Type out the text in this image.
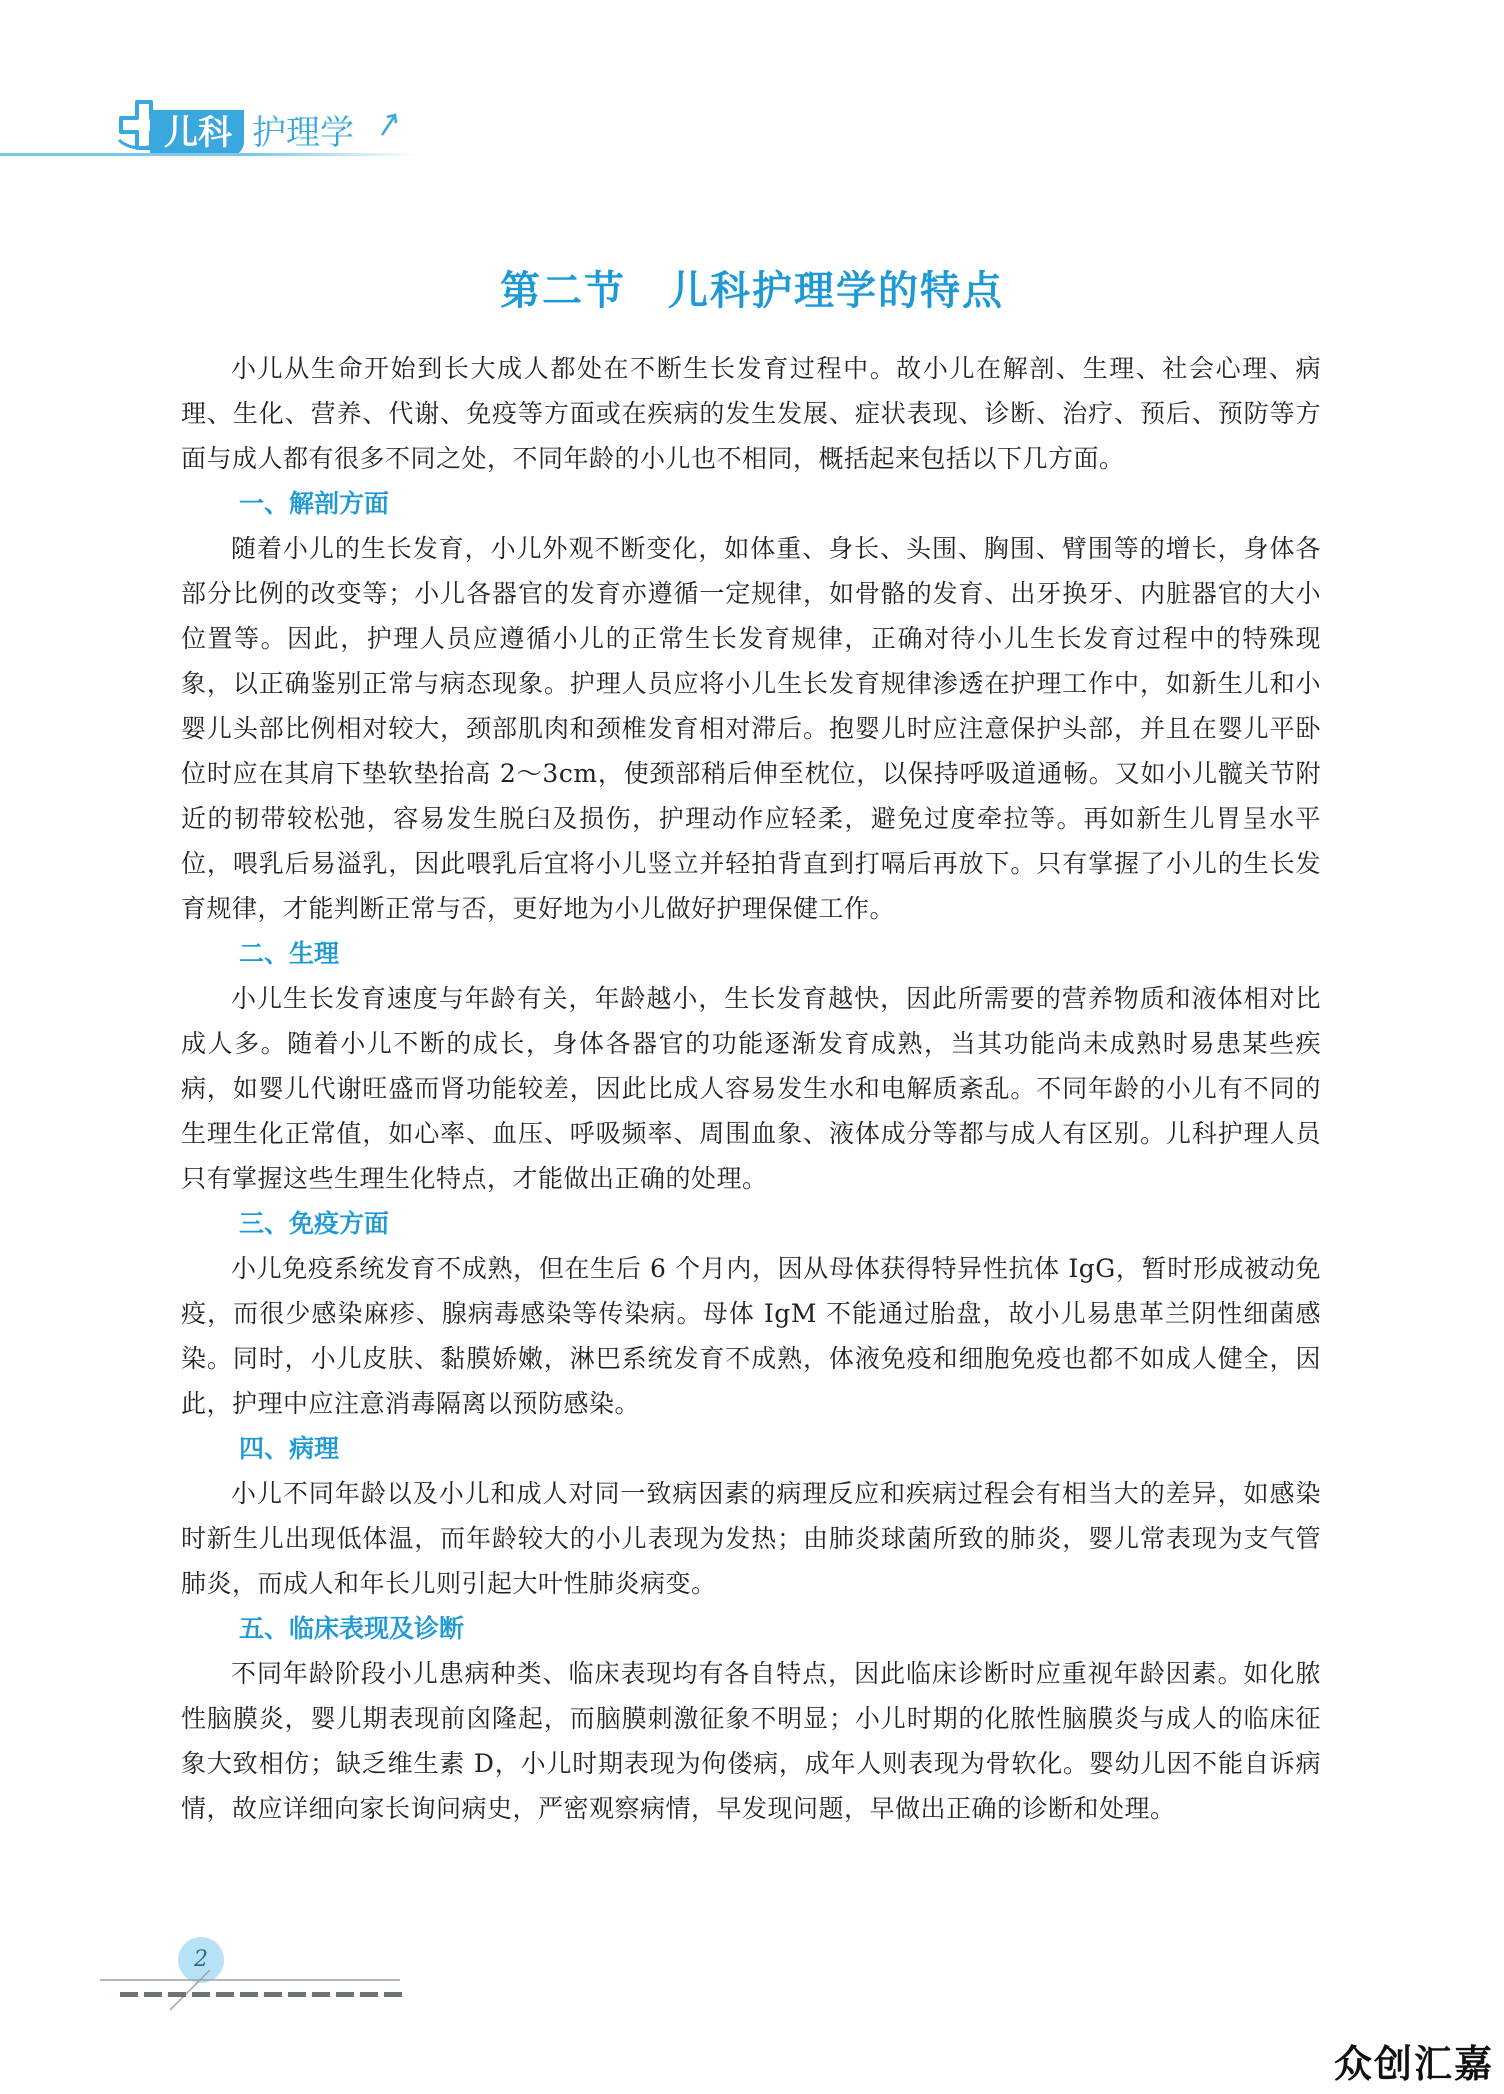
儿科 护理学
第二节　儿科护理学的特点

小儿从生命开始到长大成人都处在不断生长发育过程中。故小儿在解剖、生理、社会心理、病理、生化、营养、代谢、免疫等方面或在疾病的发生发展、症状表现、诊断、治疗、预后、预防等方面与成人都有很多不同之处，不同年龄的小儿也不相同，概括起来包括以下几方面。

一、解剖方面

随着小儿的生长发育，小儿外观不断变化，如体重、身长、头围、胸围、臂围等的增长，身体各部分比例的改变等；小儿各器官的发育亦遵循一定规律，如骨骼的发育、出牙换牙、内脏器官的大小位置等。因此，护理人员应遵循小儿的正常生长发育规律，正确对待小儿生长发育过程中的特殊现象，以正确鉴别正常与病态现象。护理人员应将小儿生长发育规律渗透在护理工作中，如新生儿和小婴儿头部比例相对较大，颈部肌肉和颈椎发育相对滞后。抱婴儿时应注意保护头部，并且在婴儿平卧位时应在其肩下垫软垫抬高 2～3cm，使颈部稍后伸至枕位，以保持呼吸道通畅。又如小儿髋关节附近的韧带较松弛，容易发生脱臼及损伤，护理动作应轻柔，避免过度牵拉等。再如新生儿胃呈水平位，喂乳后易溢乳，因此喂乳后宜将小儿竖立并轻拍背直到打嗝后再放下。只有掌握了小儿的生长发育规律，才能判断正常与否，更好地为小儿做好护理保健工作。

二、生理

小儿生长发育速度与年龄有关，年龄越小，生长发育越快，因此所需要的营养物质和液体相对比成人多。随着小儿不断的成长，身体各器官的功能逐渐发育成熟，当其功能尚未成熟时易患某些疾病，如婴儿代谢旺盛而肾功能较差，因此比成人容易发生水和电解质紊乱。不同年龄的小儿有不同的生理生化正常值，如心率、血压、呼吸频率、周围血象、液体成分等都与成人有区别。儿科护理人员只有掌握这些生理生化特点，才能做出正确的处理。

三、免疫方面

小儿免疫系统发育不成熟，但在生后 6 个月内，因从母体获得特异性抗体 IgG，暂时形成被动免疫，而很少感染麻疹、腺病毒感染等传染病。母体 IgM 不能通过胎盘，故小儿易患革兰阴性细菌感染。同时，小儿皮肤、黏膜娇嫩，淋巴系统发育不成熟，体液免疫和细胞免疫也都不如成人健全，因此，护理中应注意消毒隔离以预防感染。

四、病理

小儿不同年龄以及小儿和成人对同一致病因素的病理反应和疾病过程会有相当大的差异，如感染时新生儿出现低体温，而年龄较大的小儿表现为发热；由肺炎球菌所致的肺炎，婴儿常表现为支气管肺炎，而成人和年长儿则引起大叶性肺炎病变。

五、临床表现及诊断

不同年龄阶段小儿患病种类、临床表现均有各自特点，因此临床诊断时应重视年龄因素。如化脓性脑膜炎，婴儿期表现前囟隆起，而脑膜刺激征象不明显；小儿时期的化脓性脑膜炎与成人的临床征象大致相仿；缺乏维生素 D，小儿时期表现为佝偻病，成年人则表现为骨软化。婴幼儿因不能自诉病情，故应详细向家长询问病史，严密观察病情，早发现问题，早做出正确的诊断和处理。

2
众创汇嘉
